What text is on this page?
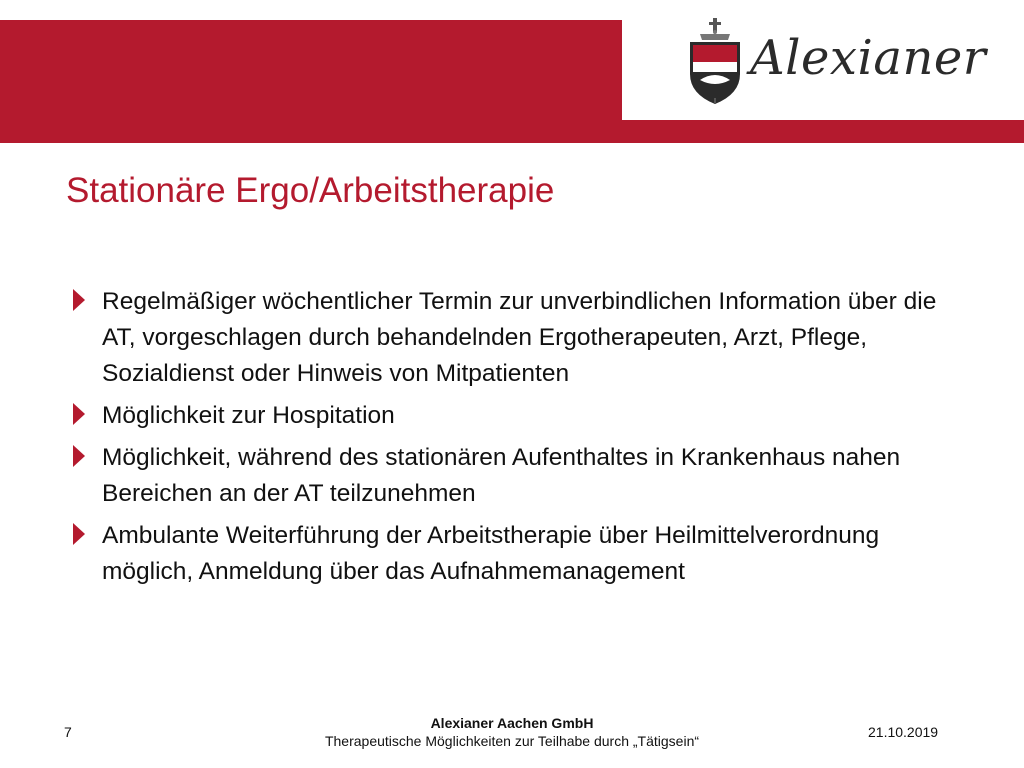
Alexianer
Stationäre Ergo/Arbeitstherapie
Regelmäßiger wöchentlicher Termin zur unverbindlichen Information über die AT, vorgeschlagen durch behandelnden Ergotherapeuten, Arzt, Pflege, Sozialdienst oder Hinweis von Mitpatienten
Möglichkeit zur Hospitation
Möglichkeit, während des stationären Aufenthaltes in Krankenhaus nahen Bereichen an der AT teilzunehmen
Ambulante Weiterführung der Arbeitstherapie über Heilmittelverordnung möglich, Anmeldung über das Aufnahmemanagement
7
Alexianer Aachen GmbH
Therapeutische Möglichkeiten zur Teilhabe durch „Tätigsein“
21.10.2019
